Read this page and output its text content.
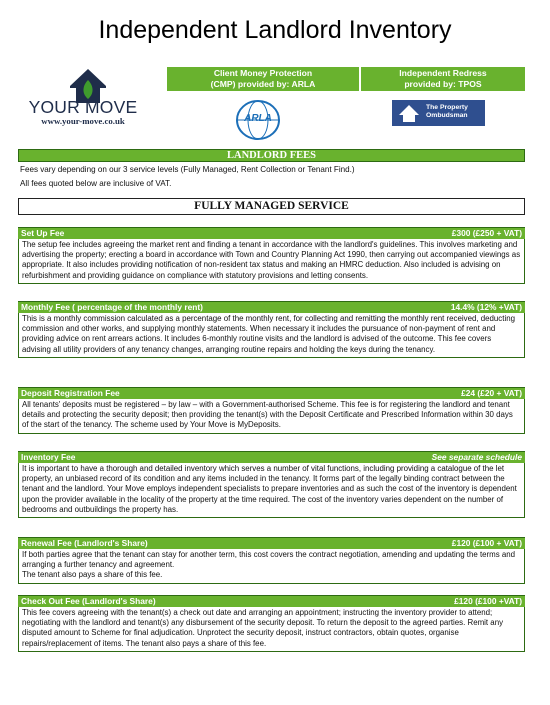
Independent Landlord Inventory
YOUR MOVE
www.your-move.co.uk
Client Money Protection
(CMP) provided by: ARLA
Independent Redress
provided by: TPOS
ARLA
The Property
Ombudsman
LANDLORD FEES
Fees vary depending on our 3 service levels (Fully Managed, Rent Collection or Tenant Find.)
All fees quoted below are inclusive of VAT.
FULLY MANAGED SERVICE
Set Up Fee	£300 (£250 + VAT)
The setup fee includes agreeing the market rent and finding a tenant in accordance with the landlord's guidelines. This involves marketing and advertising the property; erecting a board in accordance with Town and Country Planning Act 1990, then carrying out accompanied viewings as appropriate. It also includes providing notification of non-resident tax status and making an HMRC deduction. Also included is advising on refurbishment and providing guidance on compliance with statutory provisions and letting consents.
Monthly Fee ( percentage of the monthly rent)	14.4% (12% +VAT)
This is a monthly commission calculated as a percentage of the monthly rent, for collecting and remitting the monthly rent received, deducting commission and other works, and supplying monthly statements. When necessary it includes the pursuance of non-payment of rent and providing advice on rent arrears actions. It includes 6-monthly routine visits and the landlord is advised of the outcome. This fee covers advising all utility providers of any tenancy changes, arranging routine repairs and holding the keys during the tenancy.
Deposit Registration Fee	£24 (£20 + VAT)
All tenants' deposits must be registered – by law – with a Government-authorised Scheme. This fee is for registering the landlord and tenant details and protecting the security deposit; then providing the tenant(s) with the Deposit Certificate and Prescribed Information within 30 days of the start of the tenancy. The scheme used by Your Move is MyDeposits.
Inventory Fee	See separate schedule
It is important to have a thorough and detailed inventory which serves a number of vital functions, including providing a catalogue of the let property, an unbiased record of its condition and any items included in the tenancy. It forms part of the legally binding contract between the tenant and the landlord. Your Move employs independent specialists to prepare inventories and as such the cost of the inventory is dependent upon the provider available in the locality of the property at the time required. The cost of the inventory varies dependent on the number of bedrooms and outbuildings the property has.
Renewal Fee (Landlord's Share)	£120 (£100 + VAT)
If both parties agree that the tenant can stay for another term, this cost covers the contract negotiation, amending and updating the terms and arranging a further tenancy and agreement.
The tenant also pays a share of this fee.
Check Out Fee (Landlord's Share)	£120 (£100 +VAT)
This fee covers agreeing with the tenant(s) a check out date and arranging an appointment; instructing the inventory provider to attend; negotiating with the landlord and tenant(s) any disbursement of the security deposit. To return the deposit to the agreed parties. Remit any disputed amount to Scheme for final adjudication. Unprotect the security deposit, instruct contractors, obtain quotes, organise repairs/replacement of items. The tenant also pays a share of this fee.
